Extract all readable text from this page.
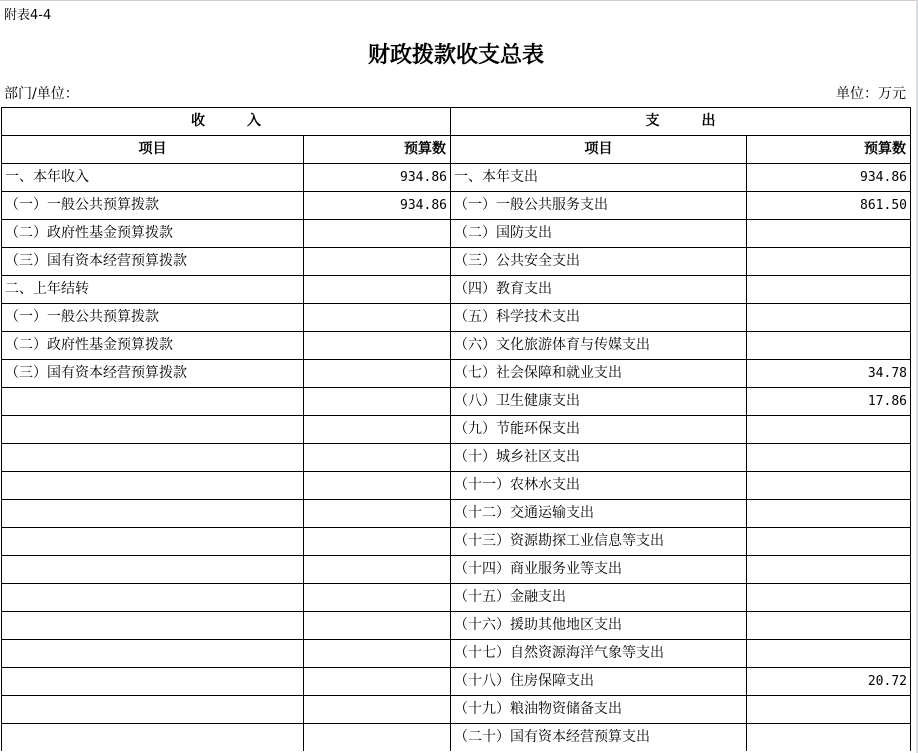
附表4-4
财政拨款收支总表
部门/单位：	单位：万元
收　　　入		支　　　出	
项目	预算数	项目	预算数
一、本年收入	934.86	一、本年支出	934.86
（一）一般公共预算拨款	934.86	（一）一般公共服务支出	861.50
（二）政府性基金预算拨款		（二）国防支出	
（三）国有资本经营预算拨款		（三）公共安全支出	
二、上年结转		（四）教育支出	
（一）一般公共预算拨款		（五）科学技术支出	
（二）政府性基金预算拨款		（六）文化旅游体育与传媒支出	
（三）国有资本经营预算拨款		（七）社会保障和就业支出	34.78
		（八）卫生健康支出	17.86
		（九）节能环保支出	
		（十）城乡社区支出	
		（十一）农林水支出	
		（十二）交通运输支出	
		（十三）资源勘探工业信息等支出	
		（十四）商业服务业等支出	
		（十五）金融支出	
		（十六）援助其他地区支出	
		（十七）自然资源海洋气象等支出	
		（十八）住房保障支出	20.72
		（十九）粮油物资储备支出	
		（二十）国有资本经营预算支出	
